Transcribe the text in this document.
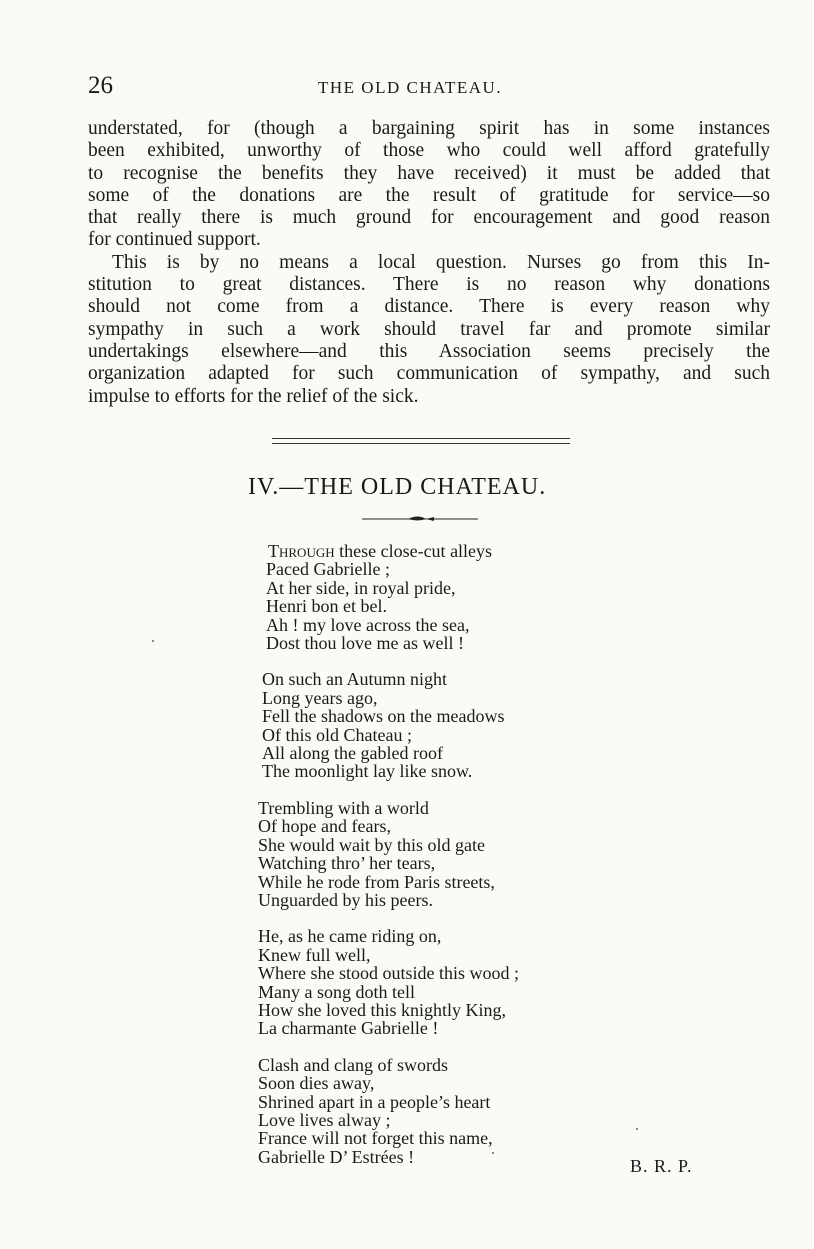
26	THE OLD CHATEAU.
understated, for (though a bargaining spirit has in some instances
been exhibited, unworthy of those who could well afford gratefully
to recognise the benefits they have received) it must be added that
some of the donations are the result of gratitude for service—so
that really there is much ground for encouragement and good reason
for continued support.
This is by no means a local question. Nurses go from this In-
stitution to great distances. There is no reason why donations
should not come from a distance. There is every reason why
sympathy in such a work should travel far and promote similar
undertakings elsewhere—and this Association seems precisely the
organization adapted for such communication of sympathy, and such
impulse to efforts for the relief of the sick.
IV.—THE OLD CHATEAU.
Through these close-cut alleys
Paced Gabrielle ;
At her side, in royal pride,
Henri bon et bel.
Ah ! my love across the sea,
Dost thou love me as well !
On such an Autumn night
Long years ago,
Fell the shadows on the meadows
Of this old Chateau ;
All along the gabled roof
The moonlight lay like snow.
Trembling with a world
Of hope and fears,
She would wait by this old gate
Watching thro’ her tears,
While he rode from Paris streets,
Unguarded by his peers.
He, as he came riding on,
Knew full well,
Where she stood outside this wood ;
Many a song doth tell
How she loved this knightly King,
La charmante Gabrielle !
Clash and clang of swords
Soon dies away,
Shrined apart in a people’s heart
Love lives alway ;
France will not forget this name,
Gabrielle D’ Estrées !	B. R. P.
